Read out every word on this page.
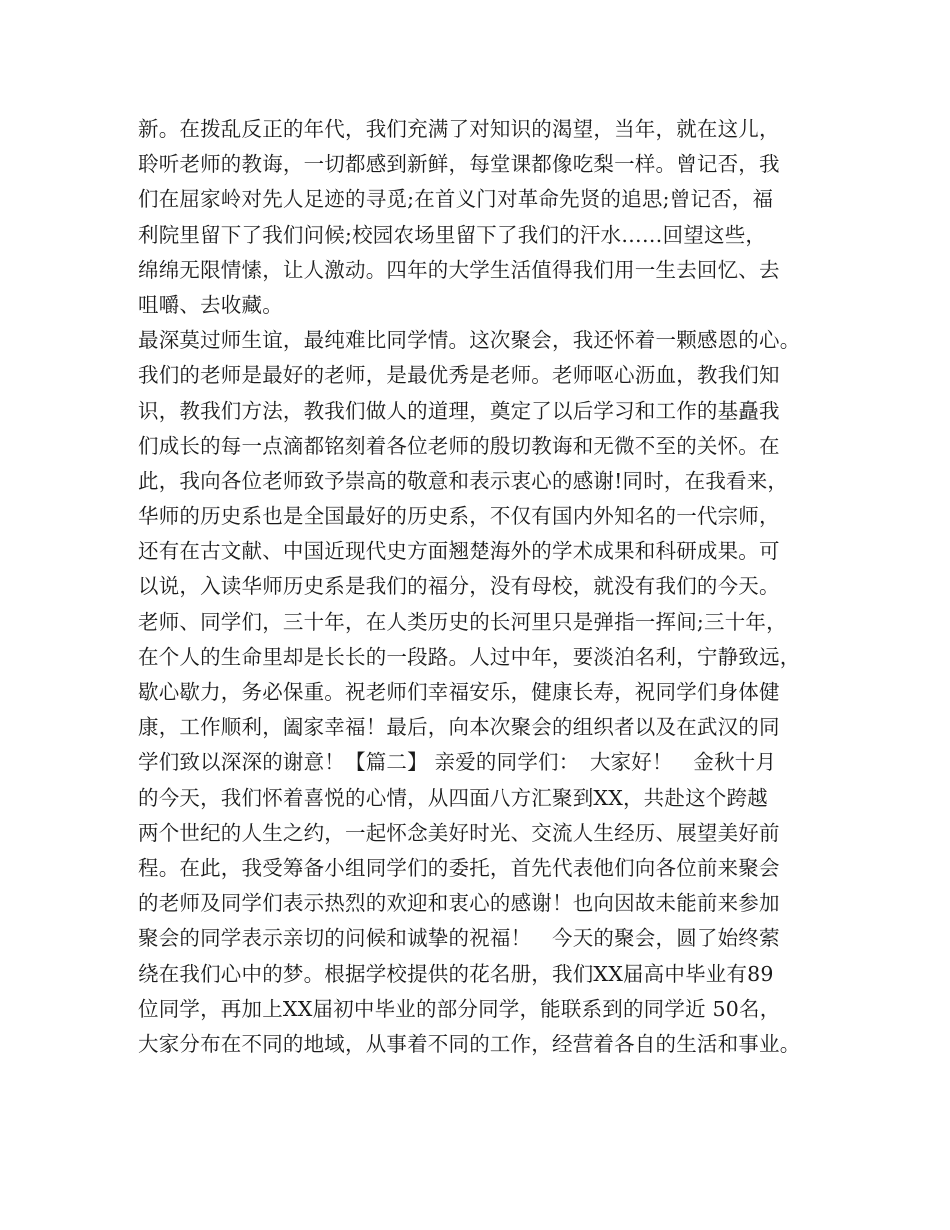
新。在拨乱反正的年代，我们充满了对知识的渴望，当年，就在这儿，
聆听老师的教诲，一切都感到新鲜，每堂课都像吃梨一样。曾记否，我
们在屈家岭对先人足迹的寻觅;在首义门对革命先贤的追思;曾记否，福
利院里留下了我们问候;校园农场里留下了我们的汗水……回望这些，
绵绵无限情愫，让人激动。四年的大学生活值得我们用一生去回忆、去
咀嚼、去收藏。
最深莫过师生谊，最纯难比同学情。这次聚会，我还怀着一颗感恩的心。
我们的老师是最好的老师，是最优秀是老师。老师呕心沥血，教我们知
识，教我们方法，教我们做人的道理，奠定了以后学习和工作的基矗我
们成长的每一点滴都铭刻着各位老师的殷切教诲和无微不至的关怀。在
此，我向各位老师致予崇高的敬意和表示衷心的感谢!同时，在我看来，
华师的历史系也是全国最好的历史系，不仅有国内外知名的一代宗师，
还有在古文献、中国近现代史方面翘楚海外的学术成果和科研成果。可
以说，入读华师历史系是我们的福分，没有母校，就没有我们的今天。
老师、同学们，三十年，在人类历史的长河里只是弹指一挥间;三十年，
在个人的生命里却是长长的一段路。人过中年，要淡泊名利，宁静致远，
歇心歇力，务必保重。祝老师们幸福安乐，健康长寿，祝同学们身体健
康，工作顺利，阖家幸福！最后，向本次聚会的组织者以及在武汉的同
学们致以深深的谢意！【篇二】 亲爱的同学们：　大家好！　金秋十月
的今天，我们怀着喜悦的心情，从四面八方汇聚到XX，共赴这个跨越
两个世纪的人生之约，一起怀念美好时光、交流人生经历、展望美好前
程。在此，我受筹备小组同学们的委托，首先代表他们向各位前来聚会
的老师及同学们表示热烈的欢迎和衷心的感谢！也向因故未能前来参加
聚会的同学表示亲切的问候和诚挚的祝福！　今天的聚会，圆了始终萦
绕在我们心中的梦。根据学校提供的花名册，我们XX届高中毕业有89
位同学，再加上XX届初中毕业的部分同学，能联系到的同学近 50名，
大家分布在不同的地域，从事着不同的工作，经营着各自的生活和事业。
